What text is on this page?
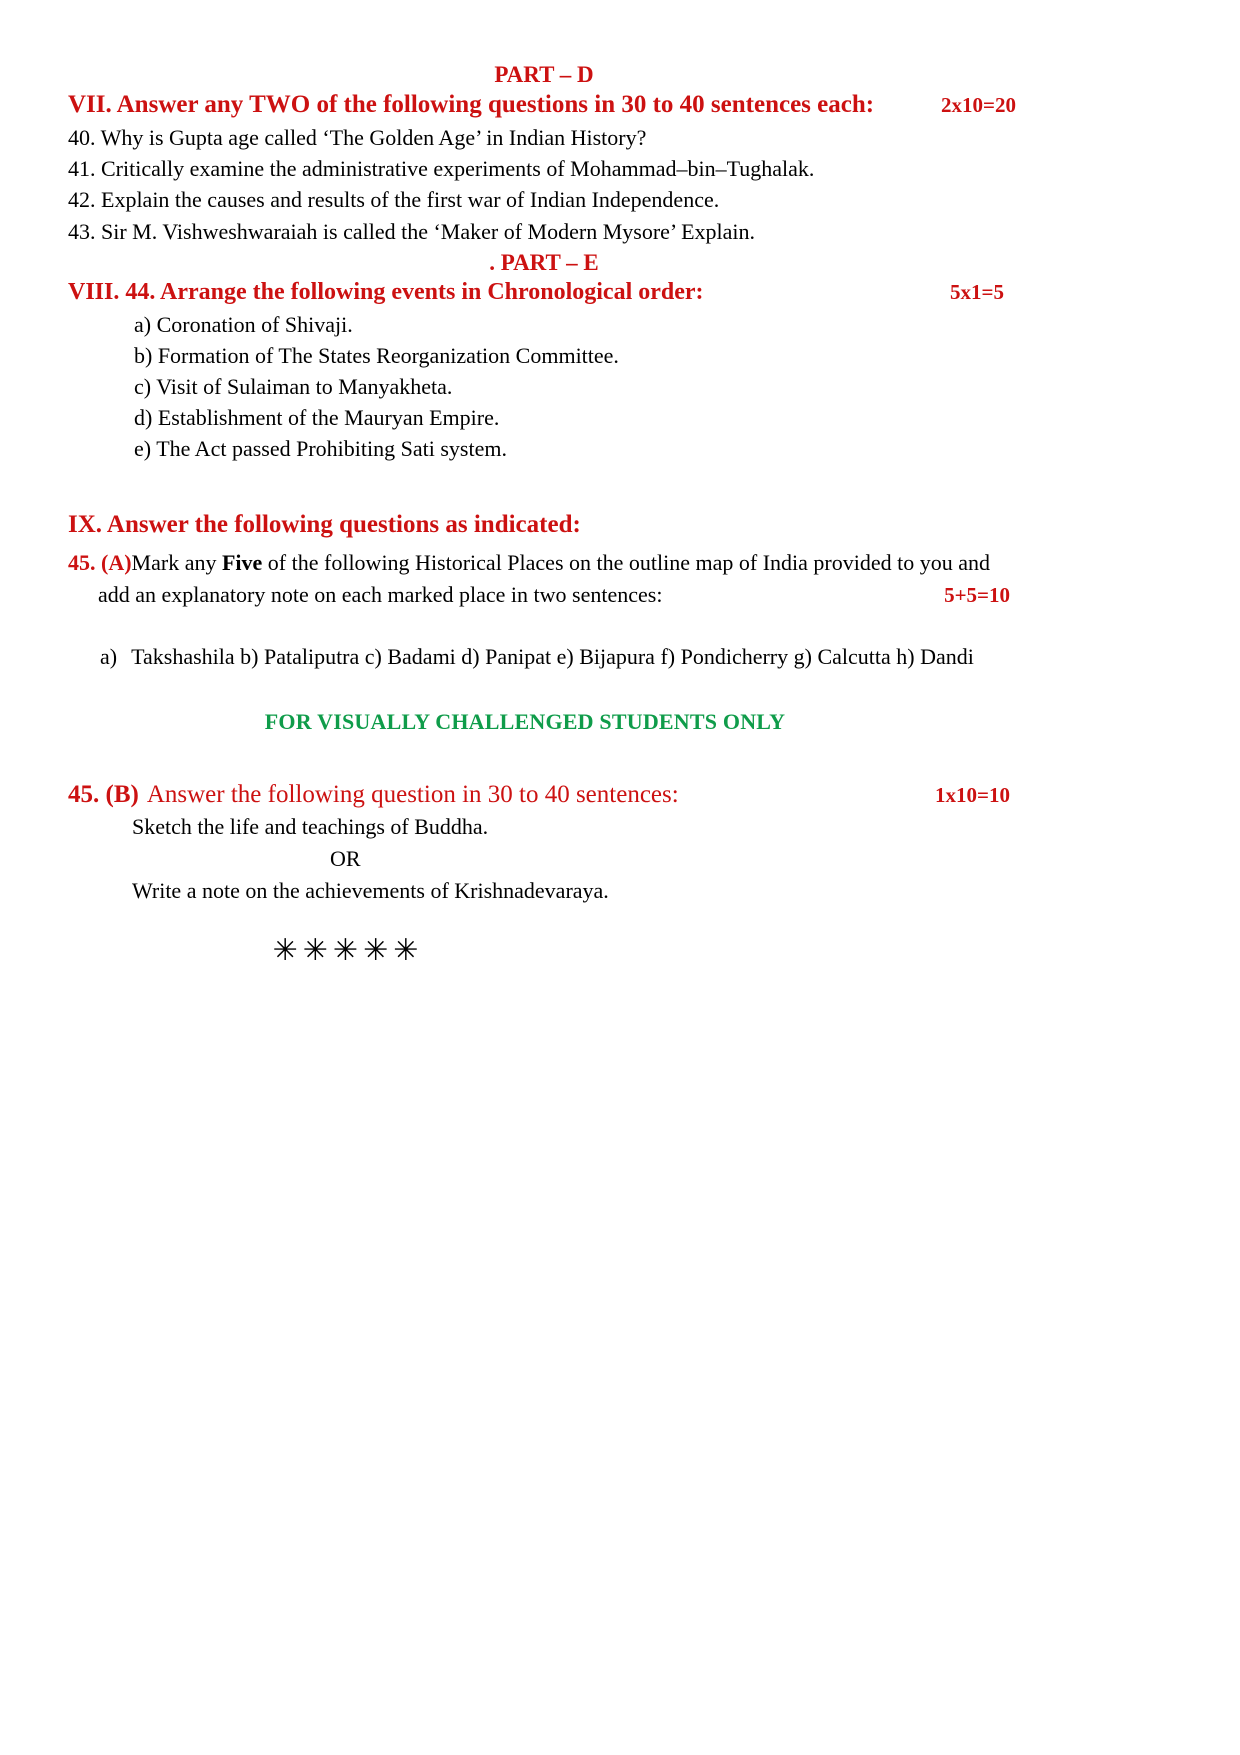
PART – D
VII. Answer any TWO of the following questions in 30 to 40 sentences each:	2x10=20
40. Why is Gupta age called ‘The Golden Age’ in Indian History?
41. Critically examine the administrative experiments of Mohammad–bin–Tughalak.
42. Explain the causes and results of the first war of Indian Independence.
43. Sir M. Vishweshwaraiah is called the ‘Maker of Modern Mysore’ Explain.
. PART – E
VIII. 44. Arrange the following events in Chronological order:	5x1=5
a) Coronation of Shivaji.
b) Formation of The States Reorganization Committee.
c) Visit of Sulaiman to Manyakheta.
d) Establishment of the Mauryan Empire.
e) The Act passed Prohibiting Sati system.
IX. Answer the following questions as indicated:
45. (A)Mark any Five of the following Historical Places on the outline map of India provided to you and
add an explanatory note on each marked place in two sentences:	5+5=10
a) Takshashila b) Pataliputra c) Badami d) Panipat e) Bijapura f) Pondicherry g) Calcutta h) Dandi
FOR VISUALLY CHALLENGED STUDENTS ONLY
45. (B) Answer the following question in 30 to 40 sentences:	1x10=10
Sketch the life and teachings of Buddha.
OR
Write a note on the achievements of Krishnadevaraya.
✳✳✳✳✳
